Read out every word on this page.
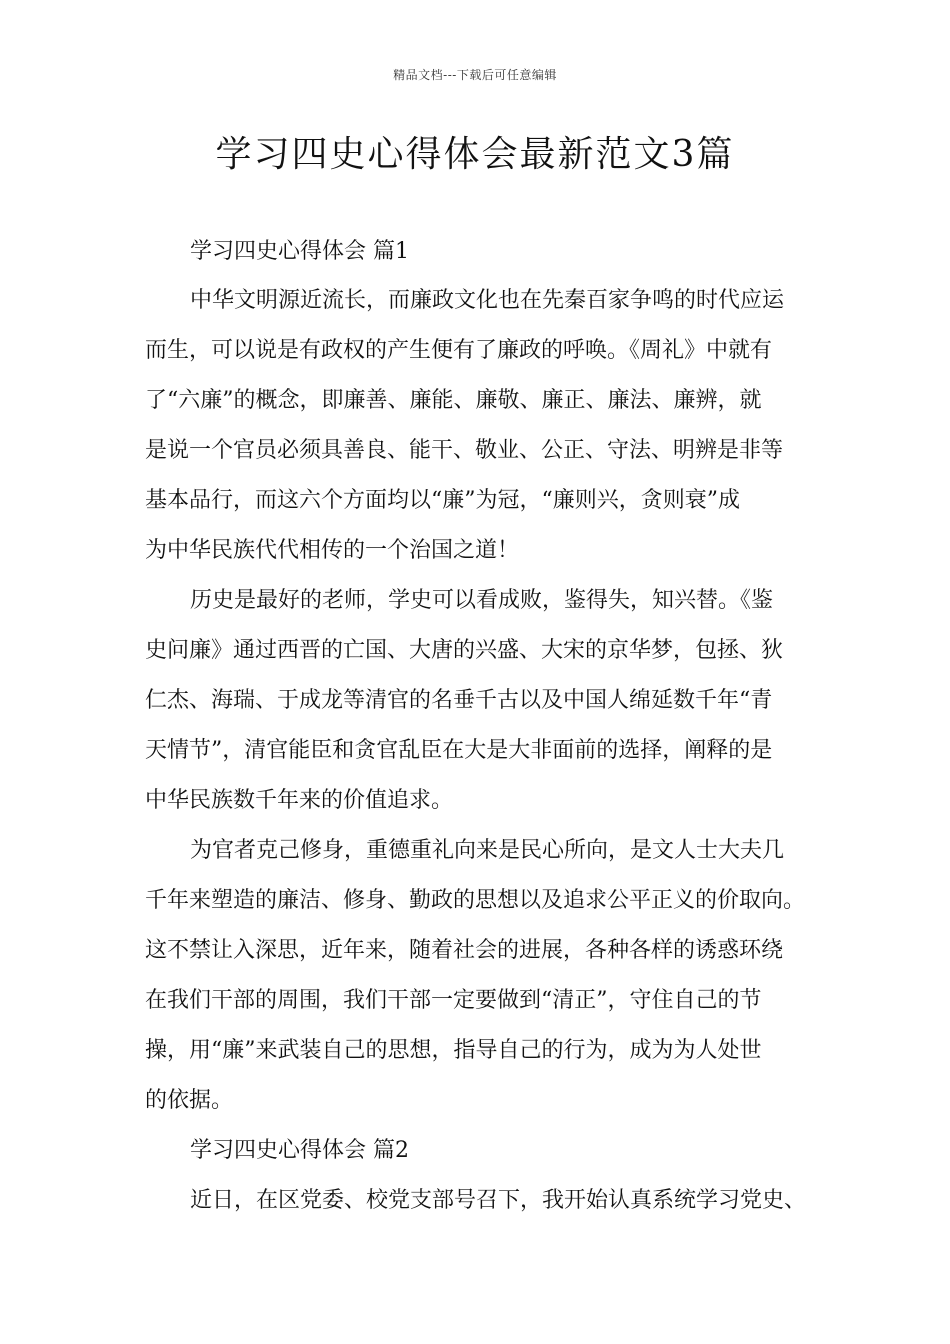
精品文档---下载后可任意编辑
学习四史心得体会最新范文3篇
学习四史心得体会 篇1
中华文明源近流长，而廉政文化也在先秦百家争鸣的时代应运
而生，可以说是有政权的产生便有了廉政的呼唤。《周礼》中就有
了“六廉”的概念，即廉善、廉能、廉敬、廉正、廉法、廉辨，就
是说一个官员必须具善良、能干、敬业、公正、守法、明辨是非等
基本品行，而这六个方面均以“廉”为冠，“廉则兴，贪则衰”成
为中华民族代代相传的一个治国之道！
历史是最好的老师，学史可以看成败，鉴得失，知兴替。《鉴
史问廉》通过西晋的亡国、大唐的兴盛、大宋的京华梦，包拯、狄
仁杰、海瑞、于成龙等清官的名垂千古以及中国人绵延数千年“青
天情节”，清官能臣和贪官乱臣在大是大非面前的选择，阐释的是
中华民族数千年来的价值追求。
为官者克己修身，重德重礼向来是民心所向，是文人士大夫几
千年来塑造的廉洁、修身、勤政的思想以及追求公平正义的价取向。
这不禁让入深思，近年来，随着社会的进展，各种各样的诱惑环绕
在我们干部的周围，我们干部一定要做到“清正”，守住自己的节
操，用“廉”来武装自己的思想，指导自己的行为，成为为人处世
的依据。
学习四史心得体会 篇2
近日，在区党委、校党支部号召下，我开始认真系统学习党史、
